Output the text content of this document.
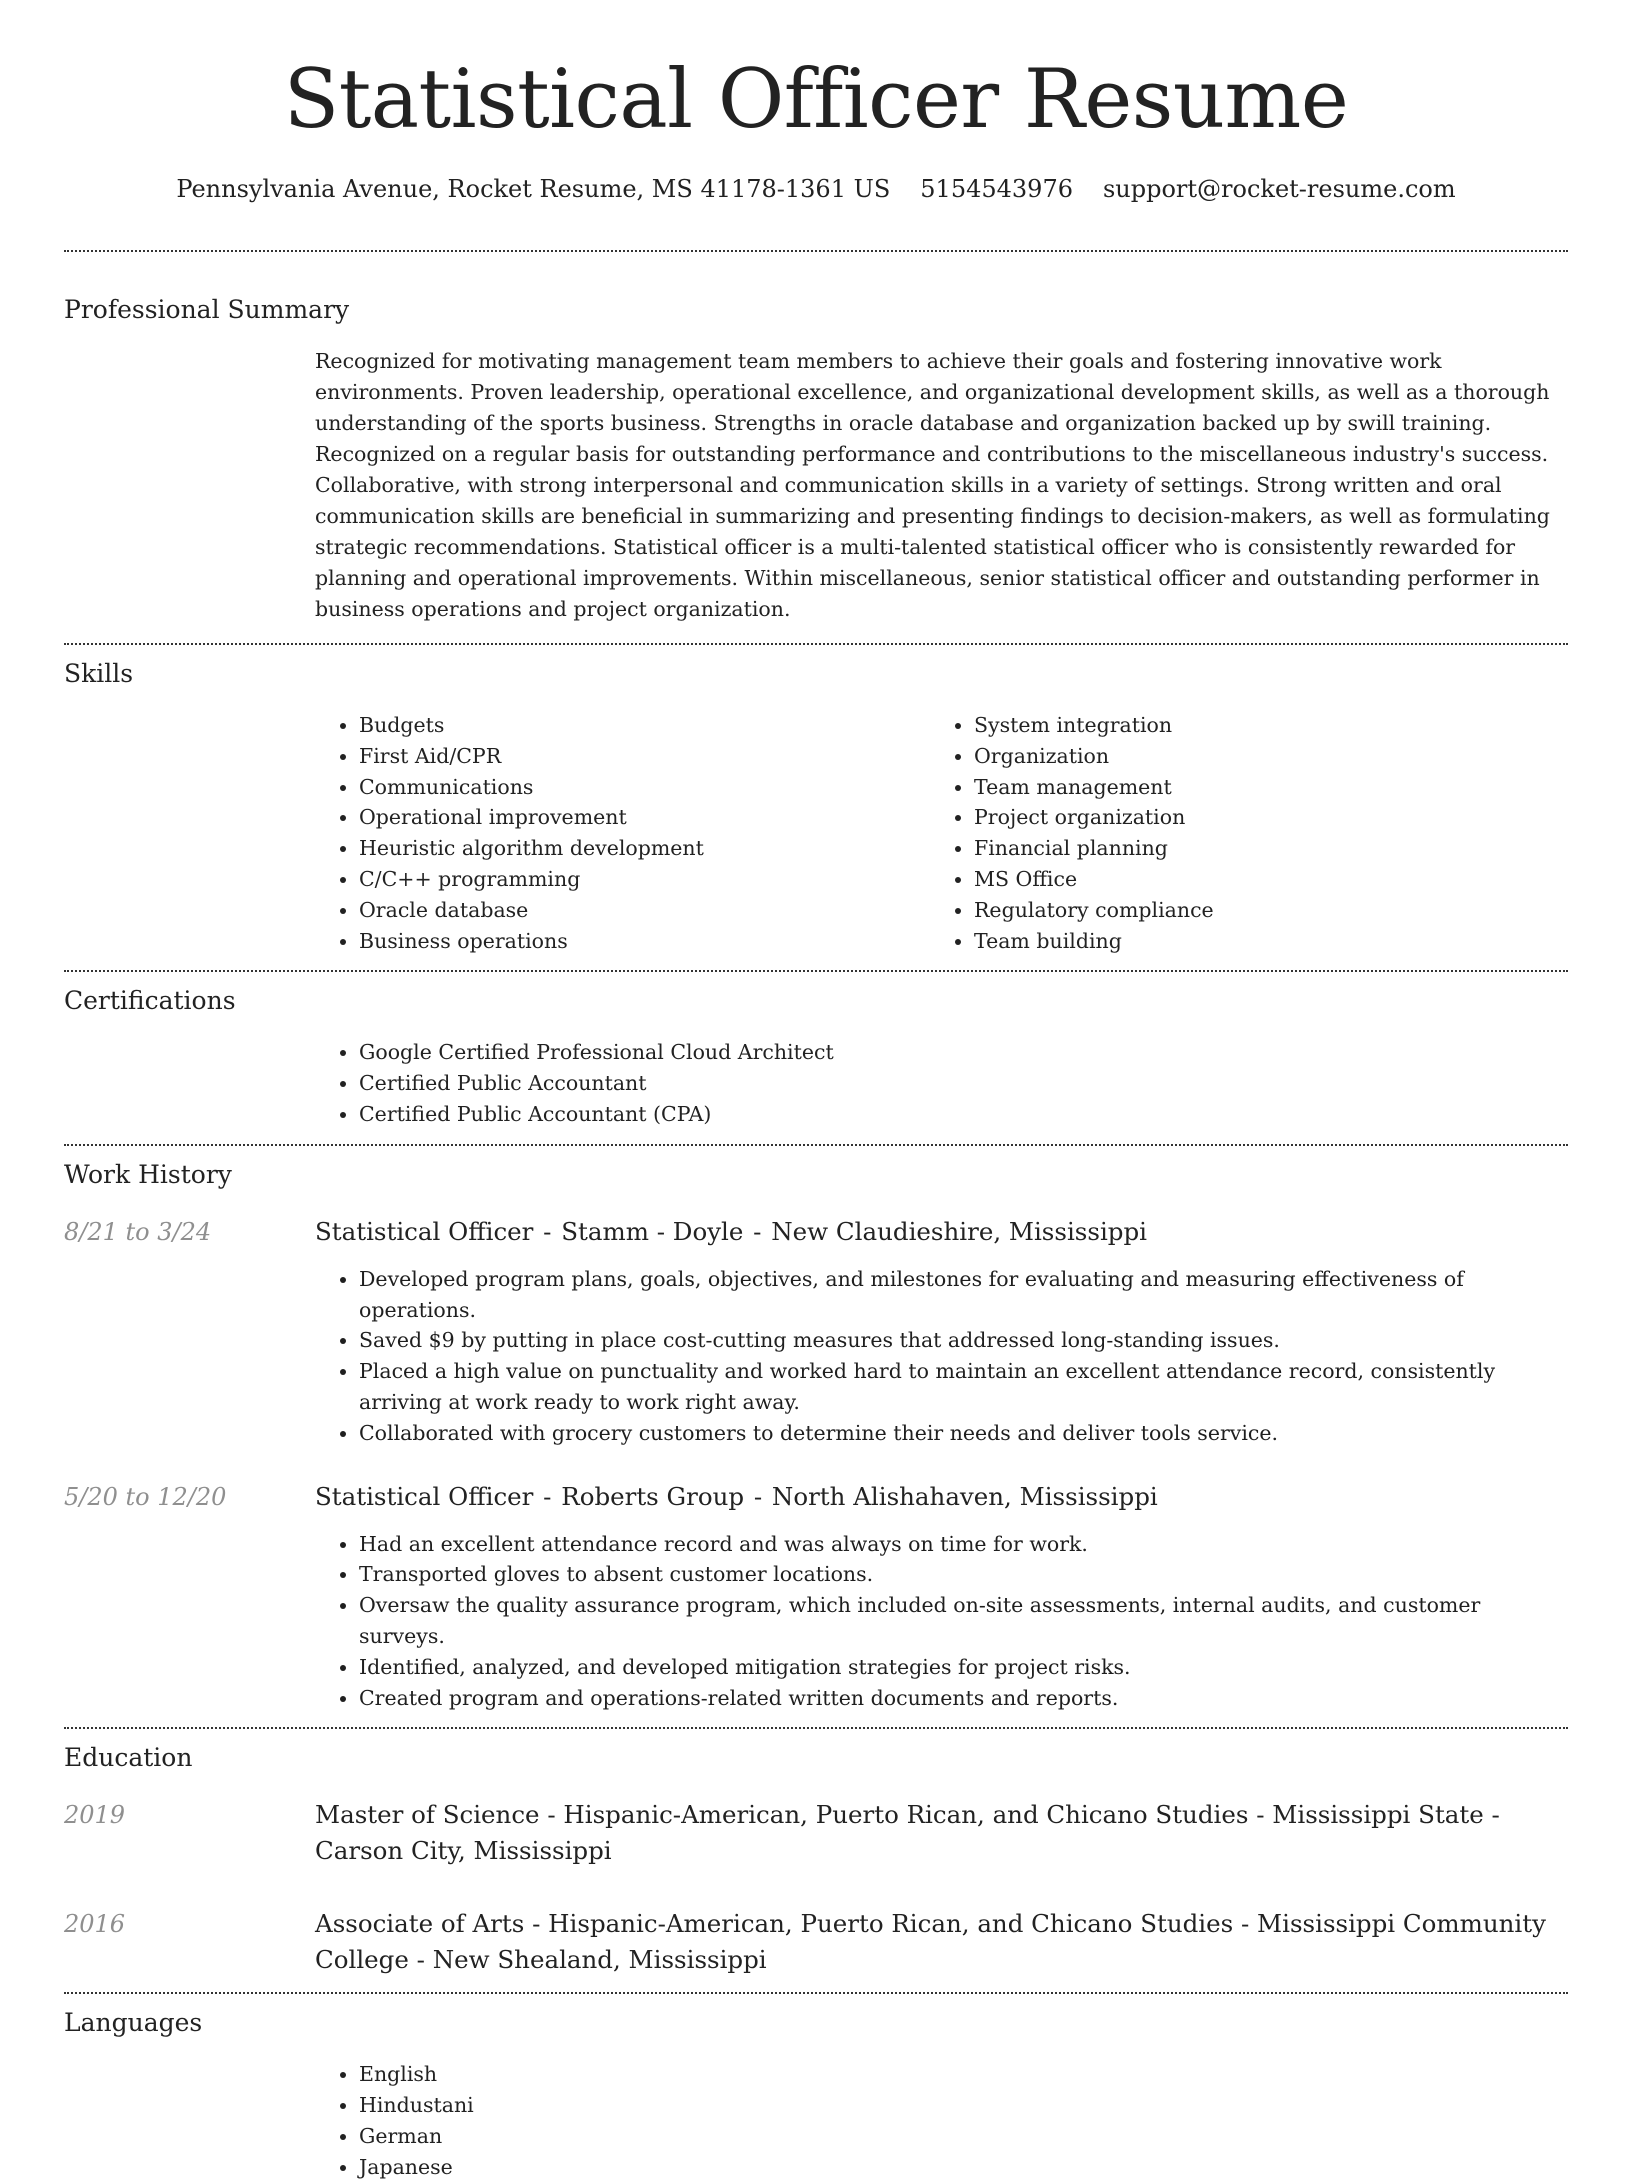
Statistical Officer Resume
Pennsylvania Avenue, Rocket Resume, MS 41178-1361 US 5154543976 support@rocket-resume.com
Professional Summary

Recognized for motivating management team members to achieve their goals and fostering innovative work environments. Proven leadership, operational excellence, and organizational development skills, as well as a thorough understanding of the sports business. Strengths in oracle database and organization backed up by swill training. Recognized on a regular basis for outstanding performance and contributions to the miscellaneous industry's success. Collaborative, with strong interpersonal and communication skills in a variety of settings. Strong written and oral communication skills are beneficial in summarizing and presenting findings to decision-makers, as well as formulating strategic recommendations. Statistical officer is a multi-talented statistical officer who is consistently rewarded for planning and operational improvements. Within miscellaneous, senior statistical officer and outstanding performer in business operations and project organization.

Skills
• Budgets
• First Aid/CPR
• Communications
• Operational improvement
• Heuristic algorithm development
• C/C++ programming
• Oracle database
• Business operations
• System integration
• Organization
• Team management
• Project organization
• Financial planning
• MS Office
• Regulatory compliance
• Team building
Certifications
• Google Certified Professional Cloud Architect
• Certified Public Accountant
• Certified Public Accountant (CPA)
Work History
8/21 to 3/24	Statistical Officer - Stamm - Doyle - New Claudieshire, Mississippi
• Developed program plans, goals, objectives, and milestones for evaluating and measuring effectiveness of operations.
• Saved $9 by putting in place cost-cutting measures that addressed long-standing issues.
• Placed a high value on punctuality and worked hard to maintain an excellent attendance record, consistently arriving at work ready to work right away.
• Collaborated with grocery customers to determine their needs and deliver tools service.
5/20 to 12/20	Statistical Officer - Roberts Group - North Alishahaven, Mississippi
• Had an excellent attendance record and was always on time for work.
• Transported gloves to absent customer locations.
• Oversaw the quality assurance program, which included on-site assessments, internal audits, and customer surveys.
• Identified, analyzed, and developed mitigation strategies for project risks.
• Created program and operations-related written documents and reports.
Education
2019	Master of Science - Hispanic-American, Puerto Rican, and Chicano Studies - Mississippi State - Carson City, Mississippi
2016	Associate of Arts - Hispanic-American, Puerto Rican, and Chicano Studies - Mississippi Community College - New Shealand, Mississippi
Languages
• English
• Hindustani
• German
• Japanese
